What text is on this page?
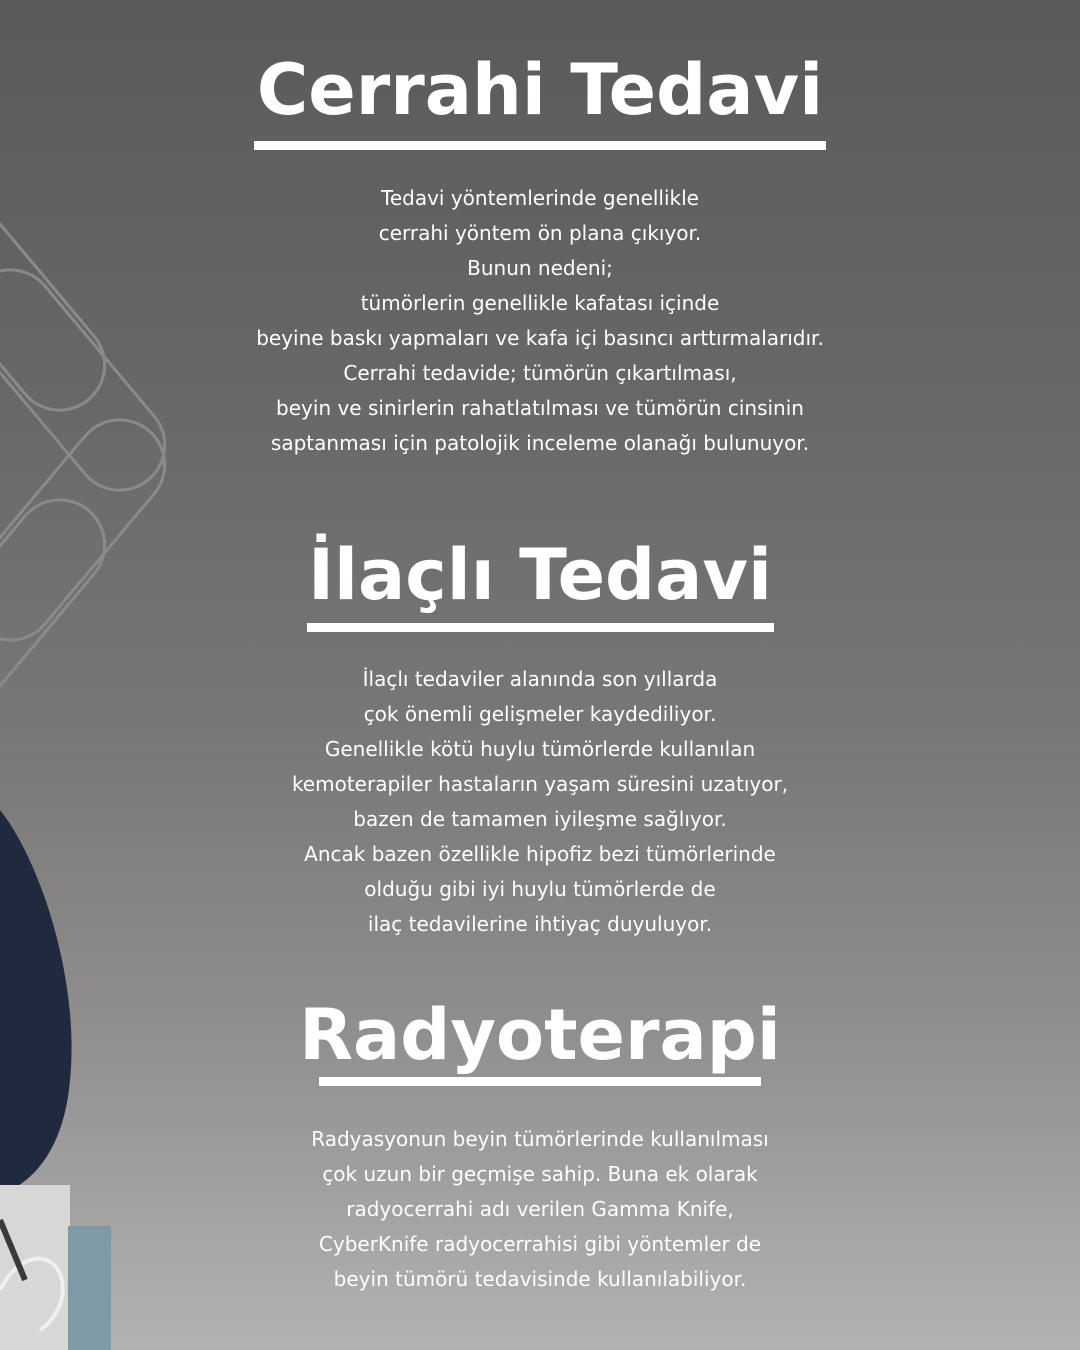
Cerrahi Tedavi

Tedavi yöntemlerinde genellikle
cerrahi yöntem ön plana çıkıyor.
Bunun nedeni;
tümörlerin genellikle kafatası içinde
beyine baskı yapmaları ve kafa içi basıncı arttırmalarıdır.
Cerrahi tedavide; tümörün çıkartılması,
beyin ve sinirlerin rahatlatılması ve tümörün cinsinin
saptanması için patolojik inceleme olanağı bulunuyor.

İlaçlı Tedavi

İlaçlı tedaviler alanında son yıllarda
çok önemli gelişmeler kaydediliyor.
Genellikle kötü huylu tümörlerde kullanılan
kemoterapiler hastaların yaşam süresini uzatıyor,
bazen de tamamen iyileşme sağlıyor.
Ancak bazen özellikle hipofiz bezi tümörlerinde
olduğu gibi iyi huylu tümörlerde de
ilaç tedavilerine ihtiyaç duyuluyor.

Radyoterapi

Radyasyonun beyin tümörlerinde kullanılması
çok uzun bir geçmişe sahip. Buna ek olarak
radyocerrahi adı verilen Gamma Knife,
CyberKnife radyocerrahisi gibi yöntemler de
beyin tümörü tedavisinde kullanılabiliyor.
